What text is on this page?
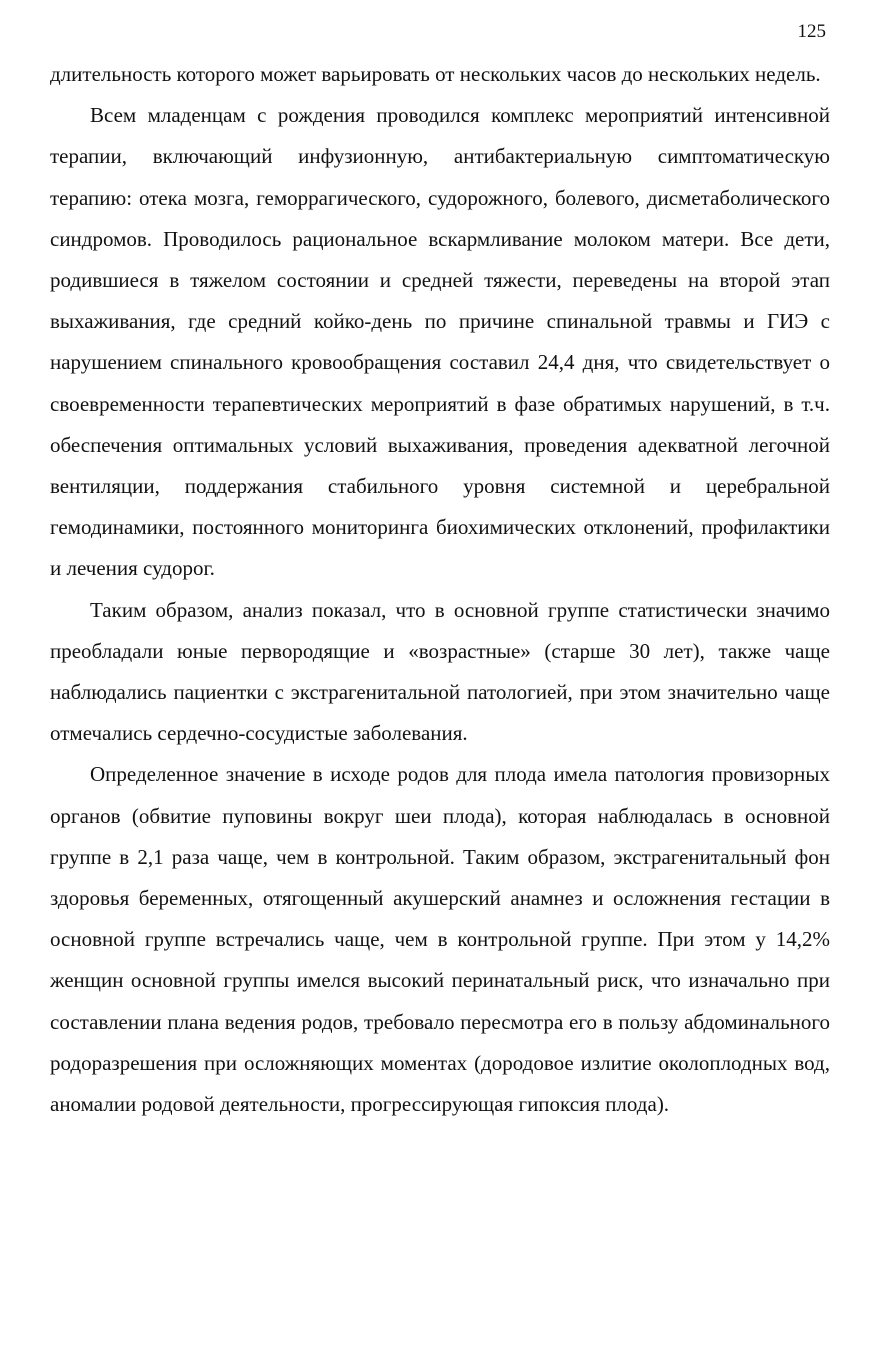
125

длительность которого может варьировать от нескольких часов до нескольких недель.

Всем младенцам с рождения проводился комплекс мероприятий интенсивной терапии, включающий инфузионную, антибактериальную симптоматическую терапию: отека мозга, геморрагического, судорожного, болевого, дисметаболического синдромов. Проводилось рациональное вскармливание молоком матери. Все дети, родившиеся в тяжелом состоянии и средней тяжести, переведены на второй этап выхаживания, где средний койко-день по причине спинальной травмы и ГИЭ с нарушением спинального кровообращения составил 24,4 дня, что свидетельствует о своевременности терапевтических мероприятий в фазе обратимых нарушений, в т.ч. обеспечения оптимальных условий выхаживания, проведения адекватной легочной вентиляции, поддержания стабильного уровня системной и церебральной гемодинамики, постоянного мониторинга биохимических отклонений, профилактики и лечения судорог.

Таким образом, анализ показал, что в основной группе статистически значимо преобладали юные первородящие и «возрастные» (старше 30 лет), также чаще наблюдались пациентки с экстрагенитальной патологией, при этом значительно чаще отмечались сердечно-сосудистые заболевания.

Определенное значение в исходе родов для плода имела патология провизорных органов (обвитие пуповины вокруг шеи плода), которая наблюдалась в основной группе в 2,1 раза чаще, чем в контрольной. Таким образом, экстрагенитальный фон здоровья беременных, отягощенный акушерский анамнез и осложнения гестации в основной группе встречались чаще, чем в контрольной группе. При этом у 14,2% женщин основной группы имелся высокий перинатальный риск, что изначально при составлении плана ведения родов, требовало пересмотра его в пользу абдоминального родоразрешения при осложняющих моментах (дородовое излитие околоплодных вод, аномалии родовой деятельности, прогрессирующая гипоксия плода).
